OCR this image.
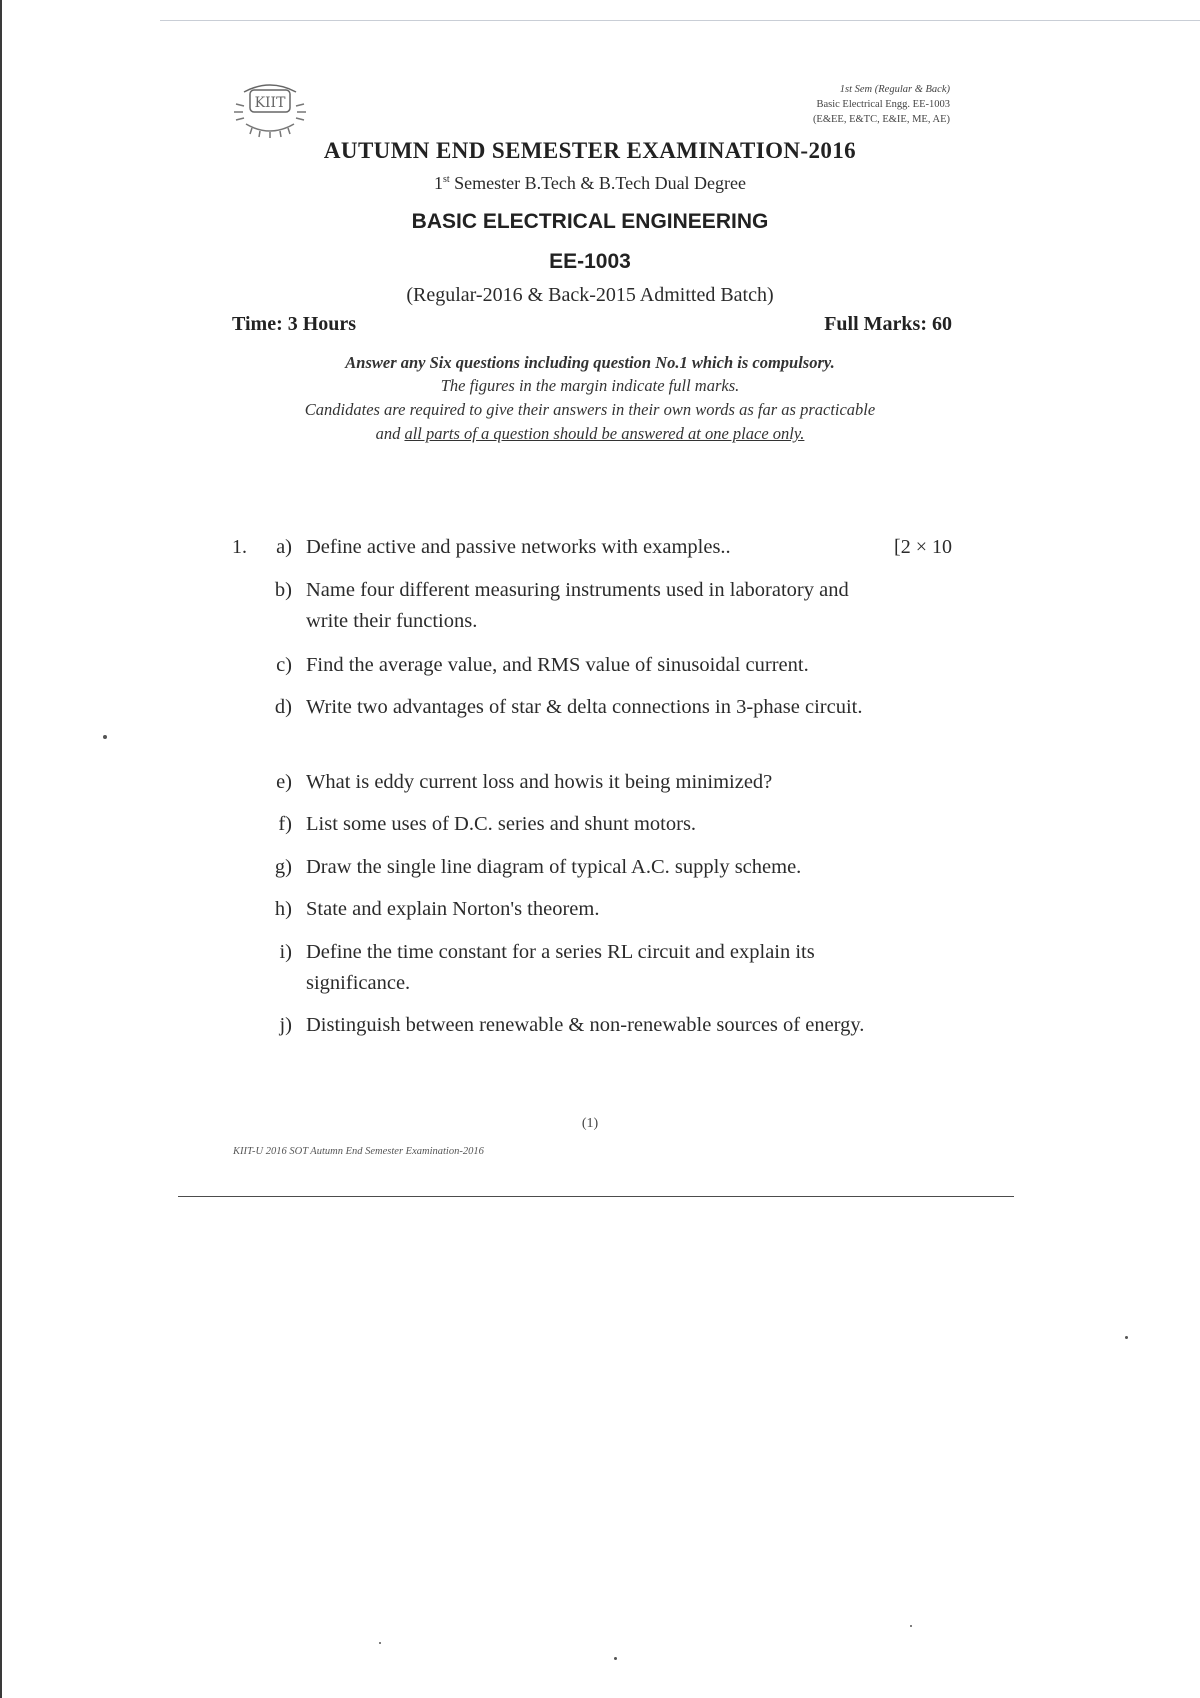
KIIT
1st Sem (Regular & Back)
Basic Electrical Engg. EE-1003
(E&EE, E&TC, E&IE, ME, AE)
AUTUMN END SEMESTER EXAMINATION-2016
1st Semester B.Tech & B.Tech Dual Degree
BASIC ELECTRICAL ENGINEERING
EE-1003
(Regular-2016 & Back-2015 Admitted Batch)
Time: 3 Hours	Full Marks: 60
Answer any Six questions including question No.1 which is compulsory.
The figures in the margin indicate full marks.
Candidates are required to give their answers in their own words as far as practicable
and all parts of a question should be answered at one place only.
1.	[2 × 10
a) Define active and passive networks with examples..
b) Name four different measuring instruments used in laboratory and write their functions.
c) Find the average value, and RMS value of sinusoidal current.
d) Write two advantages of star & delta connections in 3-phase circuit.
e) What is eddy current loss and howis it being minimized?
f) List some uses of D.C. series and shunt motors.
g) Draw the single line diagram of typical A.C. supply scheme.
h) State and explain Norton's theorem.
i) Define the time constant for a series RL circuit and explain its significance.
j) Distinguish between renewable & non-renewable sources of energy.
(1)
KIIT-U 2016 SOT Autumn End Semester Examination-2016
